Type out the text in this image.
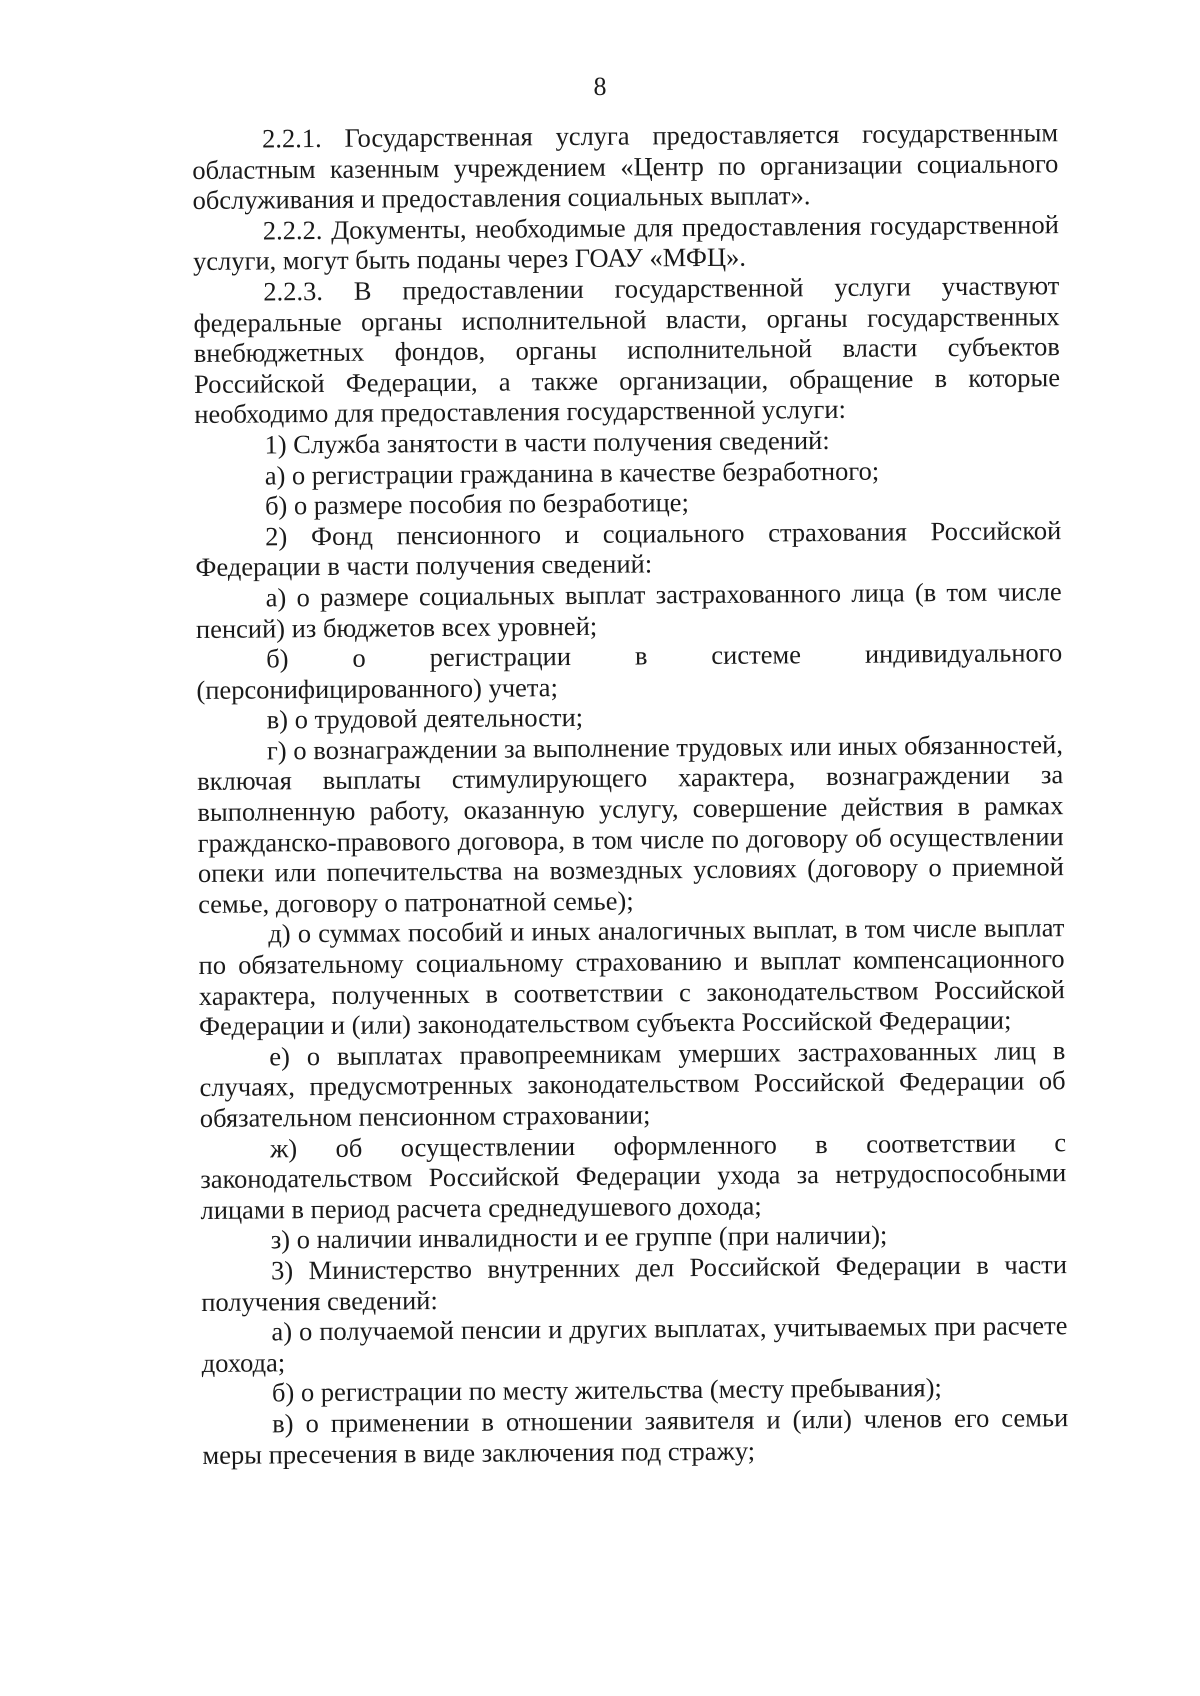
8

2.2.1. Государственная услуга предоставляется государственным областным казенным учреждением «Центр по организации социального обслуживания и предоставления социальных выплат».

2.2.2. Документы, необходимые для предоставления государственной услуги, могут быть поданы через ГОАУ «МФЦ».

2.2.3. В предоставлении государственной услуги участвуют федеральные органы исполнительной власти, органы государственных внебюджетных фондов, органы исполнительной власти субъектов Российской Федерации, а также организации, обращение в которые необходимо для предоставления государственной услуги:

1) Служба занятости в части получения сведений:

а) о регистрации гражданина в качестве безработного;

б) о размере пособия по безработице;

2) Фонд пенсионного и социального страхования Российской Федерации в части получения сведений:

а) о размере социальных выплат застрахованного лица (в том числе пенсий) из бюджетов всех уровней;

б) о регистрации в системе индивидуального (персонифицированного) учета;

в) о трудовой деятельности;

г) о вознаграждении за выполнение трудовых или иных обязанностей, включая выплаты стимулирующего характера, вознаграждении за выполненную работу, оказанную услугу, совершение действия в рамках гражданско-правового договора, в том числе по договору об осуществлении опеки или попечительства на возмездных условиях (договору о приемной семье, договору о патронатной семье);

д) о суммах пособий и иных аналогичных выплат, в том числе выплат по обязательному социальному страхованию и выплат компенсационного характера, полученных в соответствии с законодательством Российской Федерации и (или) законодательством субъекта Российской Федерации;

е) о выплатах правопреемникам умерших застрахованных лиц в случаях, предусмотренных законодательством Российской Федерации об обязательном пенсионном страховании;

ж) об осуществлении оформленного в соответствии с законодательством Российской Федерации ухода за нетрудоспособными лицами в период расчета среднедушевого дохода;

з) о наличии инвалидности и ее группе (при наличии);

3) Министерство внутренних дел Российской Федерации в части получения сведений:

а) о получаемой пенсии и других выплатах, учитываемых при расчете дохода;

б) о регистрации по месту жительства (месту пребывания);

в) о применении в отношении заявителя и (или) членов его семьи меры пресечения в виде заключения под стражу;
